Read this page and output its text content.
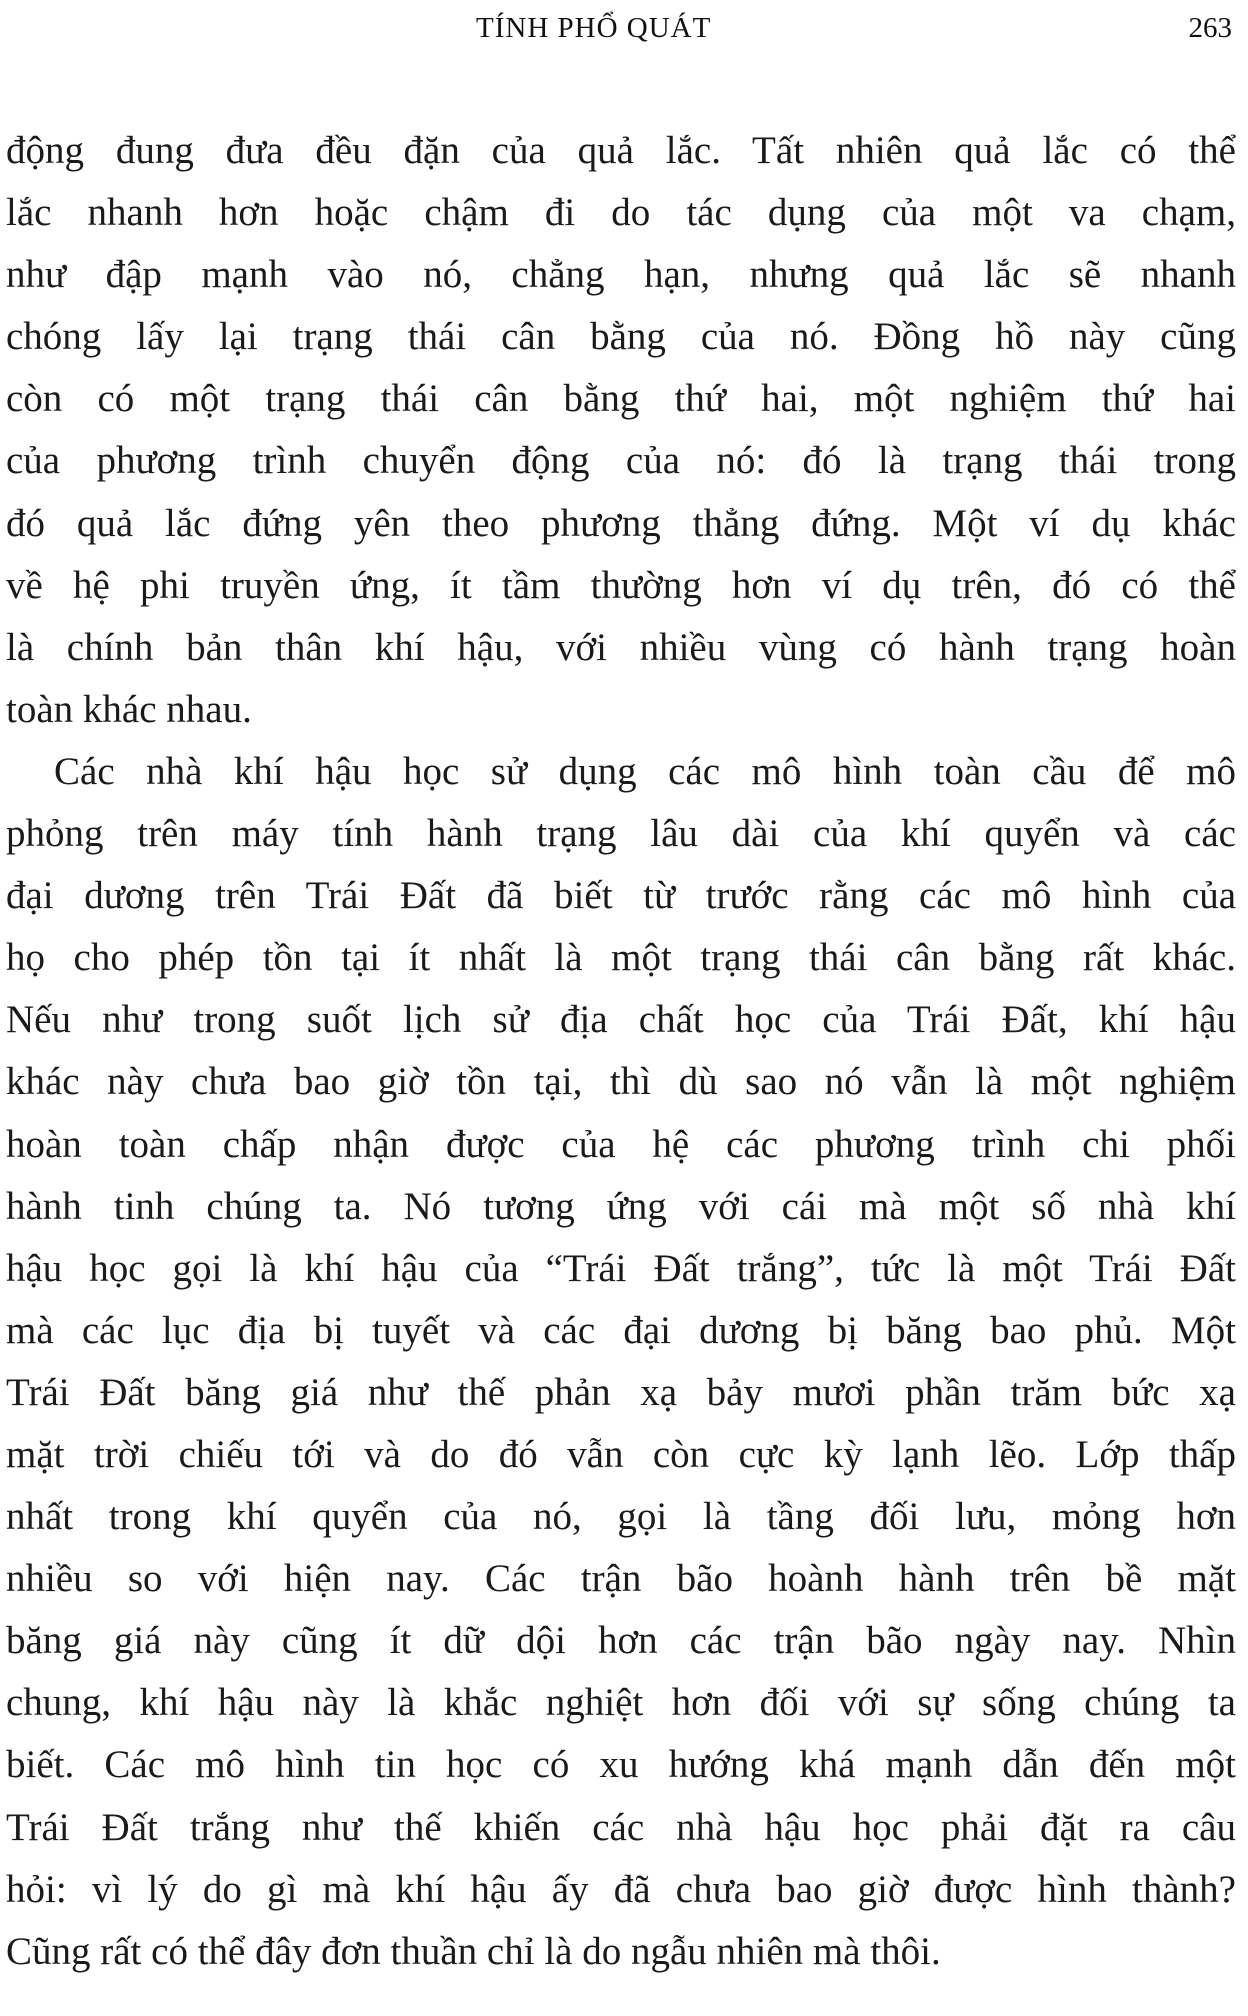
TÍNH PHỔ QUÁT	263
động đung đưa đều đặn của quả lắc. Tất nhiên quả lắc có thể
lắc nhanh hơn hoặc chậm đi do tác dụng của một va chạm,
như đập mạnh vào nó, chẳng hạn, nhưng quả lắc sẽ nhanh
chóng lấy lại trạng thái cân bằng của nó. Đồng hồ này cũng
còn có một trạng thái cân bằng thứ hai, một nghiệm thứ hai
của phương trình chuyển động của nó: đó là trạng thái trong
đó quả lắc đứng yên theo phương thẳng đứng. Một ví dụ khác
về hệ phi truyền ứng, ít tầm thường hơn ví dụ trên, đó có thể
là chính bản thân khí hậu, với nhiều vùng có hành trạng hoàn
toàn khác nhau.
Các nhà khí hậu học sử dụng các mô hình toàn cầu để mô
phỏng trên máy tính hành trạng lâu dài của khí quyển và các
đại dương trên Trái Đất đã biết từ trước rằng các mô hình của
họ cho phép tồn tại ít nhất là một trạng thái cân bằng rất khác.
Nếu như trong suốt lịch sử địa chất học của Trái Đất, khí hậu
khác này chưa bao giờ tồn tại, thì dù sao nó vẫn là một nghiệm
hoàn toàn chấp nhận được của hệ các phương trình chi phối
hành tinh chúng ta. Nó tương ứng với cái mà một số nhà khí
hậu học gọi là khí hậu của “Trái Đất trắng”, tức là một Trái Đất
mà các lục địa bị tuyết và các đại dương bị băng bao phủ. Một
Trái Đất băng giá như thế phản xạ bảy mươi phần trăm bức xạ
mặt trời chiếu tới và do đó vẫn còn cực kỳ lạnh lẽo. Lớp thấp
nhất trong khí quyển của nó, gọi là tầng đối lưu, mỏng hơn
nhiều so với hiện nay. Các trận bão hoành hành trên bề mặt
băng giá này cũng ít dữ dội hơn các trận bão ngày nay. Nhìn
chung, khí hậu này là khắc nghiệt hơn đối với sự sống chúng ta
biết. Các mô hình tin học có xu hướng khá mạnh dẫn đến một
Trái Đất trắng như thế khiến các nhà hậu học phải đặt ra câu
hỏi: vì lý do gì mà khí hậu ấy đã chưa bao giờ được hình thành?
Cũng rất có thể đây đơn thuần chỉ là do ngẫu nhiên mà thôi.
